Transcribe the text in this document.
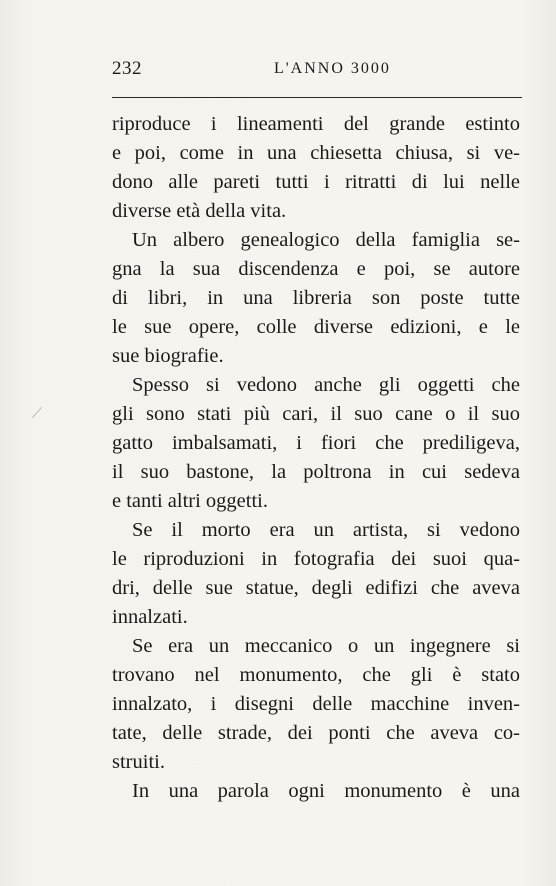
232	L'ANNO 3000
riproduce i lineamenti del grande estinto
e poi, come in una chiesetta chiusa, si ve-
dono alle pareti tutti i ritratti di lui nelle
diverse età della vita.
Un albero genealogico della famiglia se-
gna la sua discendenza e poi, se autore
di libri, in una libreria son poste tutte
le sue opere, colle diverse edizioni, e le
sue biografie.
Spesso si vedono anche gli oggetti che
gli sono stati più cari, il suo cane o il suo
gatto imbalsamati, i fiori che prediligeva,
il suo bastone, la poltrona in cui sedeva
e tanti altri oggetti.
Se il morto era un artista, si vedono
le riproduzioni in fotografia dei suoi qua-
dri, delle sue statue, degli edifizi che aveva
innalzati.
Se era un meccanico o un ingegnere si
trovano nel monumento, che gli è stato
innalzato, i disegni delle macchine inven-
tate, delle strade, dei ponti che aveva co-
struiti.
In una parola ogni monumento è una
